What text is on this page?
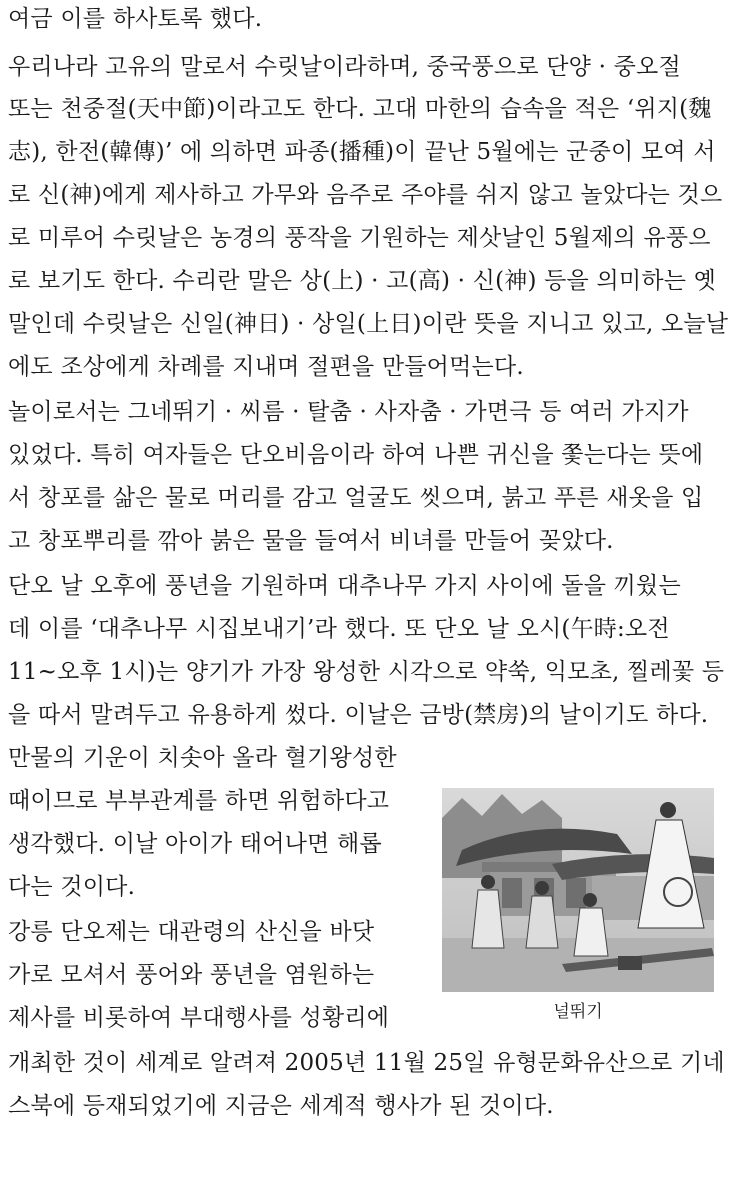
여금 이를 하사토록 했다.
우리나라 고유의 말로서 수릿날이라하며, 중국풍으로 단양 · 중오절
또는 천중절(天中節)이라고도 한다. 고대 마한의 습속을 적은 ‘위지(魏
志), 한전(韓傳)’ 에 의하면 파종(播種)이 끝난 5월에는 군중이 모여 서
로 신(神)에게 제사하고 가무와 음주로 주야를 쉬지 않고 놀았다는 것으
로 미루어 수릿날은 농경의 풍작을 기원하는 제삿날인 5월제의 유풍으
로 보기도 한다. 수리란 말은 상(上) · 고(高) · 신(神) 등을 의미하는 옛
말인데 수릿날은 신일(神日) · 상일(上日)이란 뜻을 지니고 있고, 오늘날
에도 조상에게 차례를 지내며 절편을 만들어먹는다.
놀이로서는 그네뛰기 · 씨름 · 탈춤 · 사자춤 · 가면극 등 여러 가지가
있었다. 특히 여자들은 단오비음이라 하여 나쁜 귀신을 쫓는다는 뜻에
서 창포를 삶은 물로 머리를 감고 얼굴도 씻으며, 붉고 푸른 새옷을 입
고 창포뿌리를 깎아 붉은 물을 들여서 비녀를 만들어 꽂았다.
단오 날 오후에 풍년을 기원하며 대추나무 가지 사이에 돌을 끼웠는
데 이를 ‘대추나무 시집보내기’라 했다. 또 단오 날 오시(午時:오전
11~오후 1시)는 양기가 가장 왕성한 시각으로 약쑥, 익모초, 찔레꽃 등
을 따서 말려두고 유용하게 썼다. 이날은 금방(禁房)의 날이기도 하다.
만물의 기운이 치솟아 올라 혈기왕성한
때이므로 부부관계를 하면 위험하다고
생각했다. 이날 아이가 태어나면 해롭
다는 것이다.
강릉 단오제는 대관령의 산신을 바닷
가로 모셔서 풍어와 풍년을 염원하는
제사를 비롯하여 부대행사를 성황리에
개최한 것이 세계로 알려져 2005년 11월 25일 유형문화유산으로 기네
스북에 등재되었기에 지금은 세계적 행사가 된 것이다.
널뛰기
